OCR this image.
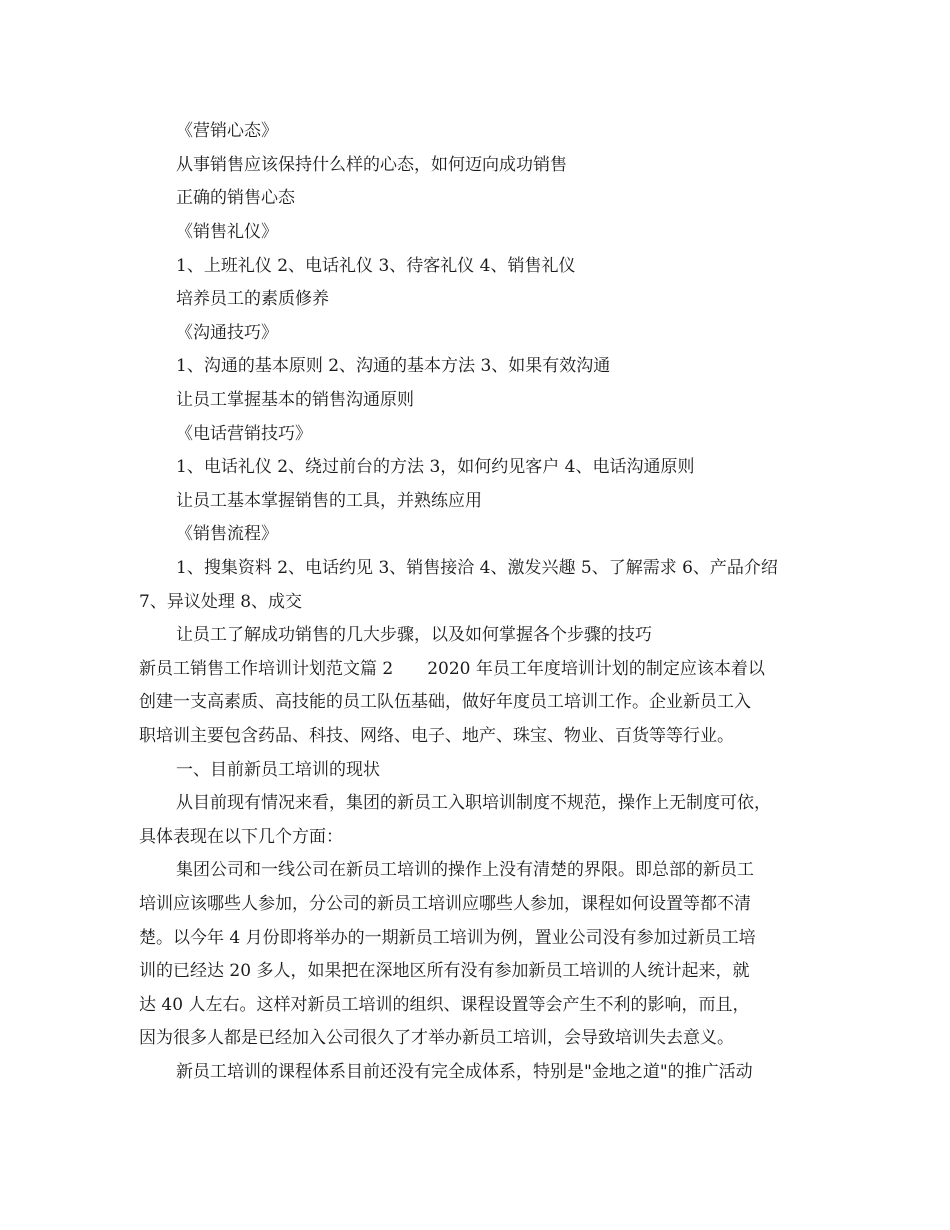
《营销心态》
从事销售应该保持什么样的心态，如何迈向成功销售
正确的销售心态
《销售礼仪》
1、上班礼仪 2、电话礼仪 3、待客礼仪 4、销售礼仪
培养员工的素质修养
《沟通技巧》
1、沟通的基本原则 2、沟通的基本方法 3、如果有效沟通
让员工掌握基本的销售沟通原则
《电话营销技巧》
1、电话礼仪 2、绕过前台的方法 3，如何约见客户 4、电话沟通原则
让员工基本掌握销售的工具，并熟练应用
《销售流程》
1、搜集资料 2、电话约见 3、销售接洽 4、激发兴趣 5、了解需求 6、产品介绍
7、异议处理 8、成交
让员工了解成功销售的几大步骤，以及如何掌握各个步骤的技巧
新员工销售工作培训计划范文篇 2　　2020 年员工年度培训计划的制定应该本着以
创建一支高素质、高技能的员工队伍基础，做好年度员工培训工作。企业新员工入
职培训主要包含药品、科技、网络、电子、地产、珠宝、物业、百货等等行业。
一、目前新员工培训的现状
从目前现有情况来看，集团的新员工入职培训制度不规范，操作上无制度可依，
具体表现在以下几个方面：
集团公司和一线公司在新员工培训的操作上没有清楚的界限。即总部的新员工
培训应该哪些人参加，分公司的新员工培训应哪些人参加，课程如何设置等都不清
楚。以今年 4 月份即将举办的一期新员工培训为例，置业公司没有参加过新员工培
训的已经达 20 多人，如果把在深地区所有没有参加新员工培训的人统计起来，就
达 40 人左右。这样对新员工培训的组织、课程设置等会产生不利的影响，而且，
因为很多人都是已经加入公司很久了才举办新员工培训，会导致培训失去意义。
新员工培训的课程体系目前还没有完全成体系，特别是"金地之道"的推广活动
